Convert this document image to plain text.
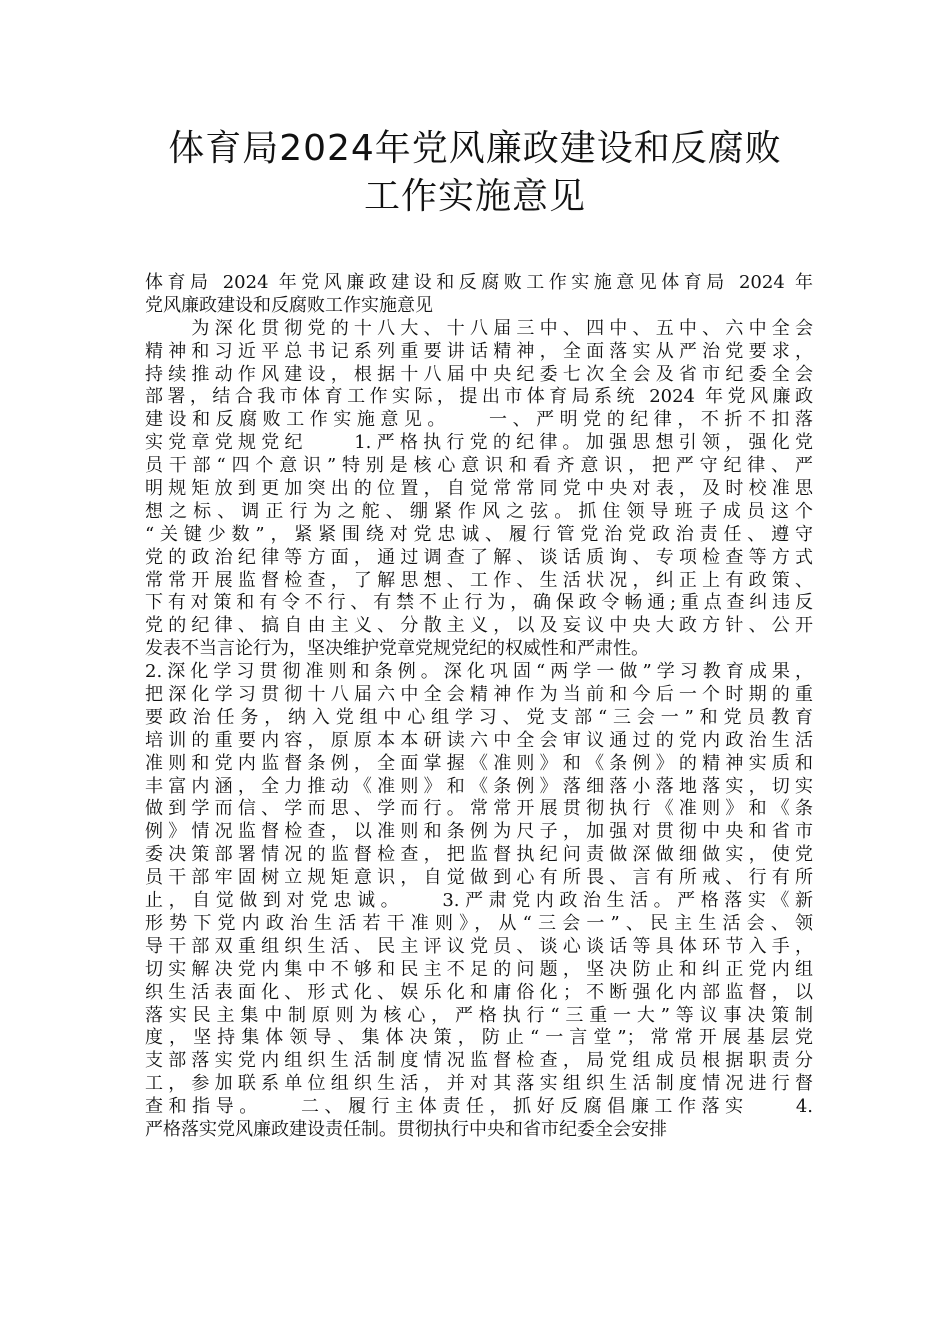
体育局2024年党风廉政建设和反腐败
工作实施意见
体育局 2024 年党风廉政建设和反腐败工作实施意见体育局 2024 年
党风廉政建设和反腐败工作实施意见
　　为深化贯彻党的十八大、十八届三中、四中、五中、六中全会
精神和习近平总书记系列重要讲话精神，全面落实从严治党要求，
持续推动作风建设，根据十八届中央纪委七次全会及省市纪委全会
部署，结合我市体育工作实际，提出市体育局系统 2024 年党风廉政
建设和反腐败工作实施意见。　　一、严明党的纪律，不折不扣落
实党章党规党纪　　1.严格执行党的纪律。加强思想引领，强化党
员干部“四个意识”特别是核心意识和看齐意识，把严守纪律、严
明规矩放到更加突出的位置，自觉常常同党中央对表，及时校准思
想之标、调正行为之舵、绷紧作风之弦。抓住领导班子成员这个
“关键少数”，紧紧围绕对党忠诚、履行管党治党政治责任、遵守
党的政治纪律等方面，通过调查了解、谈话质询、专项检查等方式
常常开展监督检查，了解思想、工作、生活状况，纠正上有政策、
下有对策和有令不行、有禁不止行为，确保政令畅通;重点查纠违反
党的纪律、搞自由主义、分散主义，以及妄议中央大政方针、公开
发表不当言论行为，坚决维护党章党规党纪的权威性和严肃性。
2.深化学习贯彻准则和条例。深化巩固“两学一做”学习教育成果，
把深化学习贯彻十八届六中全会精神作为当前和今后一个时期的重
要政治任务，纳入党组中心组学习、党支部“三会一”和党员教育
培训的重要内容，原原本本研读六中全会审议通过的党内政治生活
准则和党内监督条例，全面掌握《准则》和《条例》的精神实质和
丰富内涵，全力推动《准则》和《条例》落细落小落地落实，切实
做到学而信、学而思、学而行。常常开展贯彻执行《准则》和《条
例》情况监督检查，以准则和条例为尺子，加强对贯彻中央和省市
委决策部署情况的监督检查，把监督执纪问责做深做细做实，使党
员干部牢固树立规矩意识，自觉做到心有所畏、言有所戒、行有所
止，自觉做到对党忠诚。　　3.严肃党内政治生活。严格落实《新
形势下党内政治生活若干准则》，从“三会一”、民主生活会、领
导干部双重组织生活、民主评议党员、谈心谈话等具体环节入手，
切实解决党内集中不够和民主不足的问题，坚决防止和纠正党内组
织生活表面化、形式化、娱乐化和庸俗化；不断强化内部监督，以
落实民主集中制原则为核心，严格执行“三重一大”等议事决策制
度，坚持集体领导、集体决策，防止“一言堂”；常常开展基层党
支部落实党内组织生活制度情况监督检查，局党组成员根据职责分
工，参加联系单位组织生活，并对其落实组织生活制度情况进行督
查和指导。　　二、履行主体责任，抓好反腐倡廉工作落实　　4.
严格落实党风廉政建设责任制。贯彻执行中央和省市纪委全会安排
